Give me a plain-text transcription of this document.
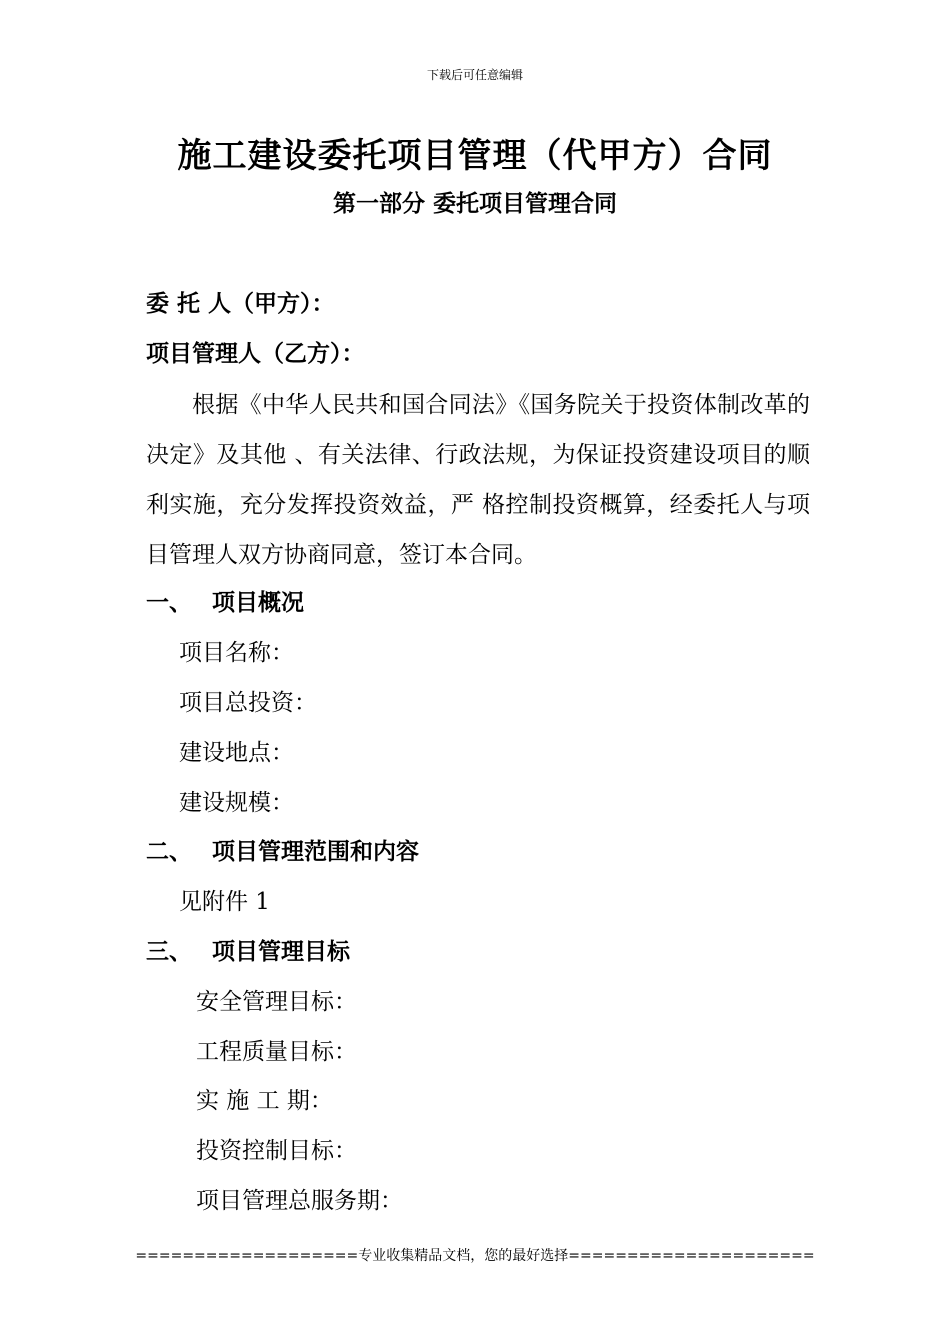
下载后可任意编辑
施工建设委托项目管理（代甲方）合同
第一部分 委托项目管理合同
委 托 人（甲方）：
项目管理人（乙方）：
根据《中华人民共和国合同法》《国务院关于投资体制改革的决定》及其他 、有关法律、行政法规，为保证投资建设项目的顺利实施，充分发挥投资效益，严 格控制投资概算，经委托人与项目管理人双方协商同意，签订本合同。
一、 项目概况
项目名称：
项目总投资：
建设地点：
建设规模：
二、 项目管理范围和内容
见附件 1
三、 项目管理目标
安全管理目标：
工程质量目标：
实 施 工 期：
投资控制目标：
项目管理总服务期：
===================专业收集精品文档，您的最好选择=====================
